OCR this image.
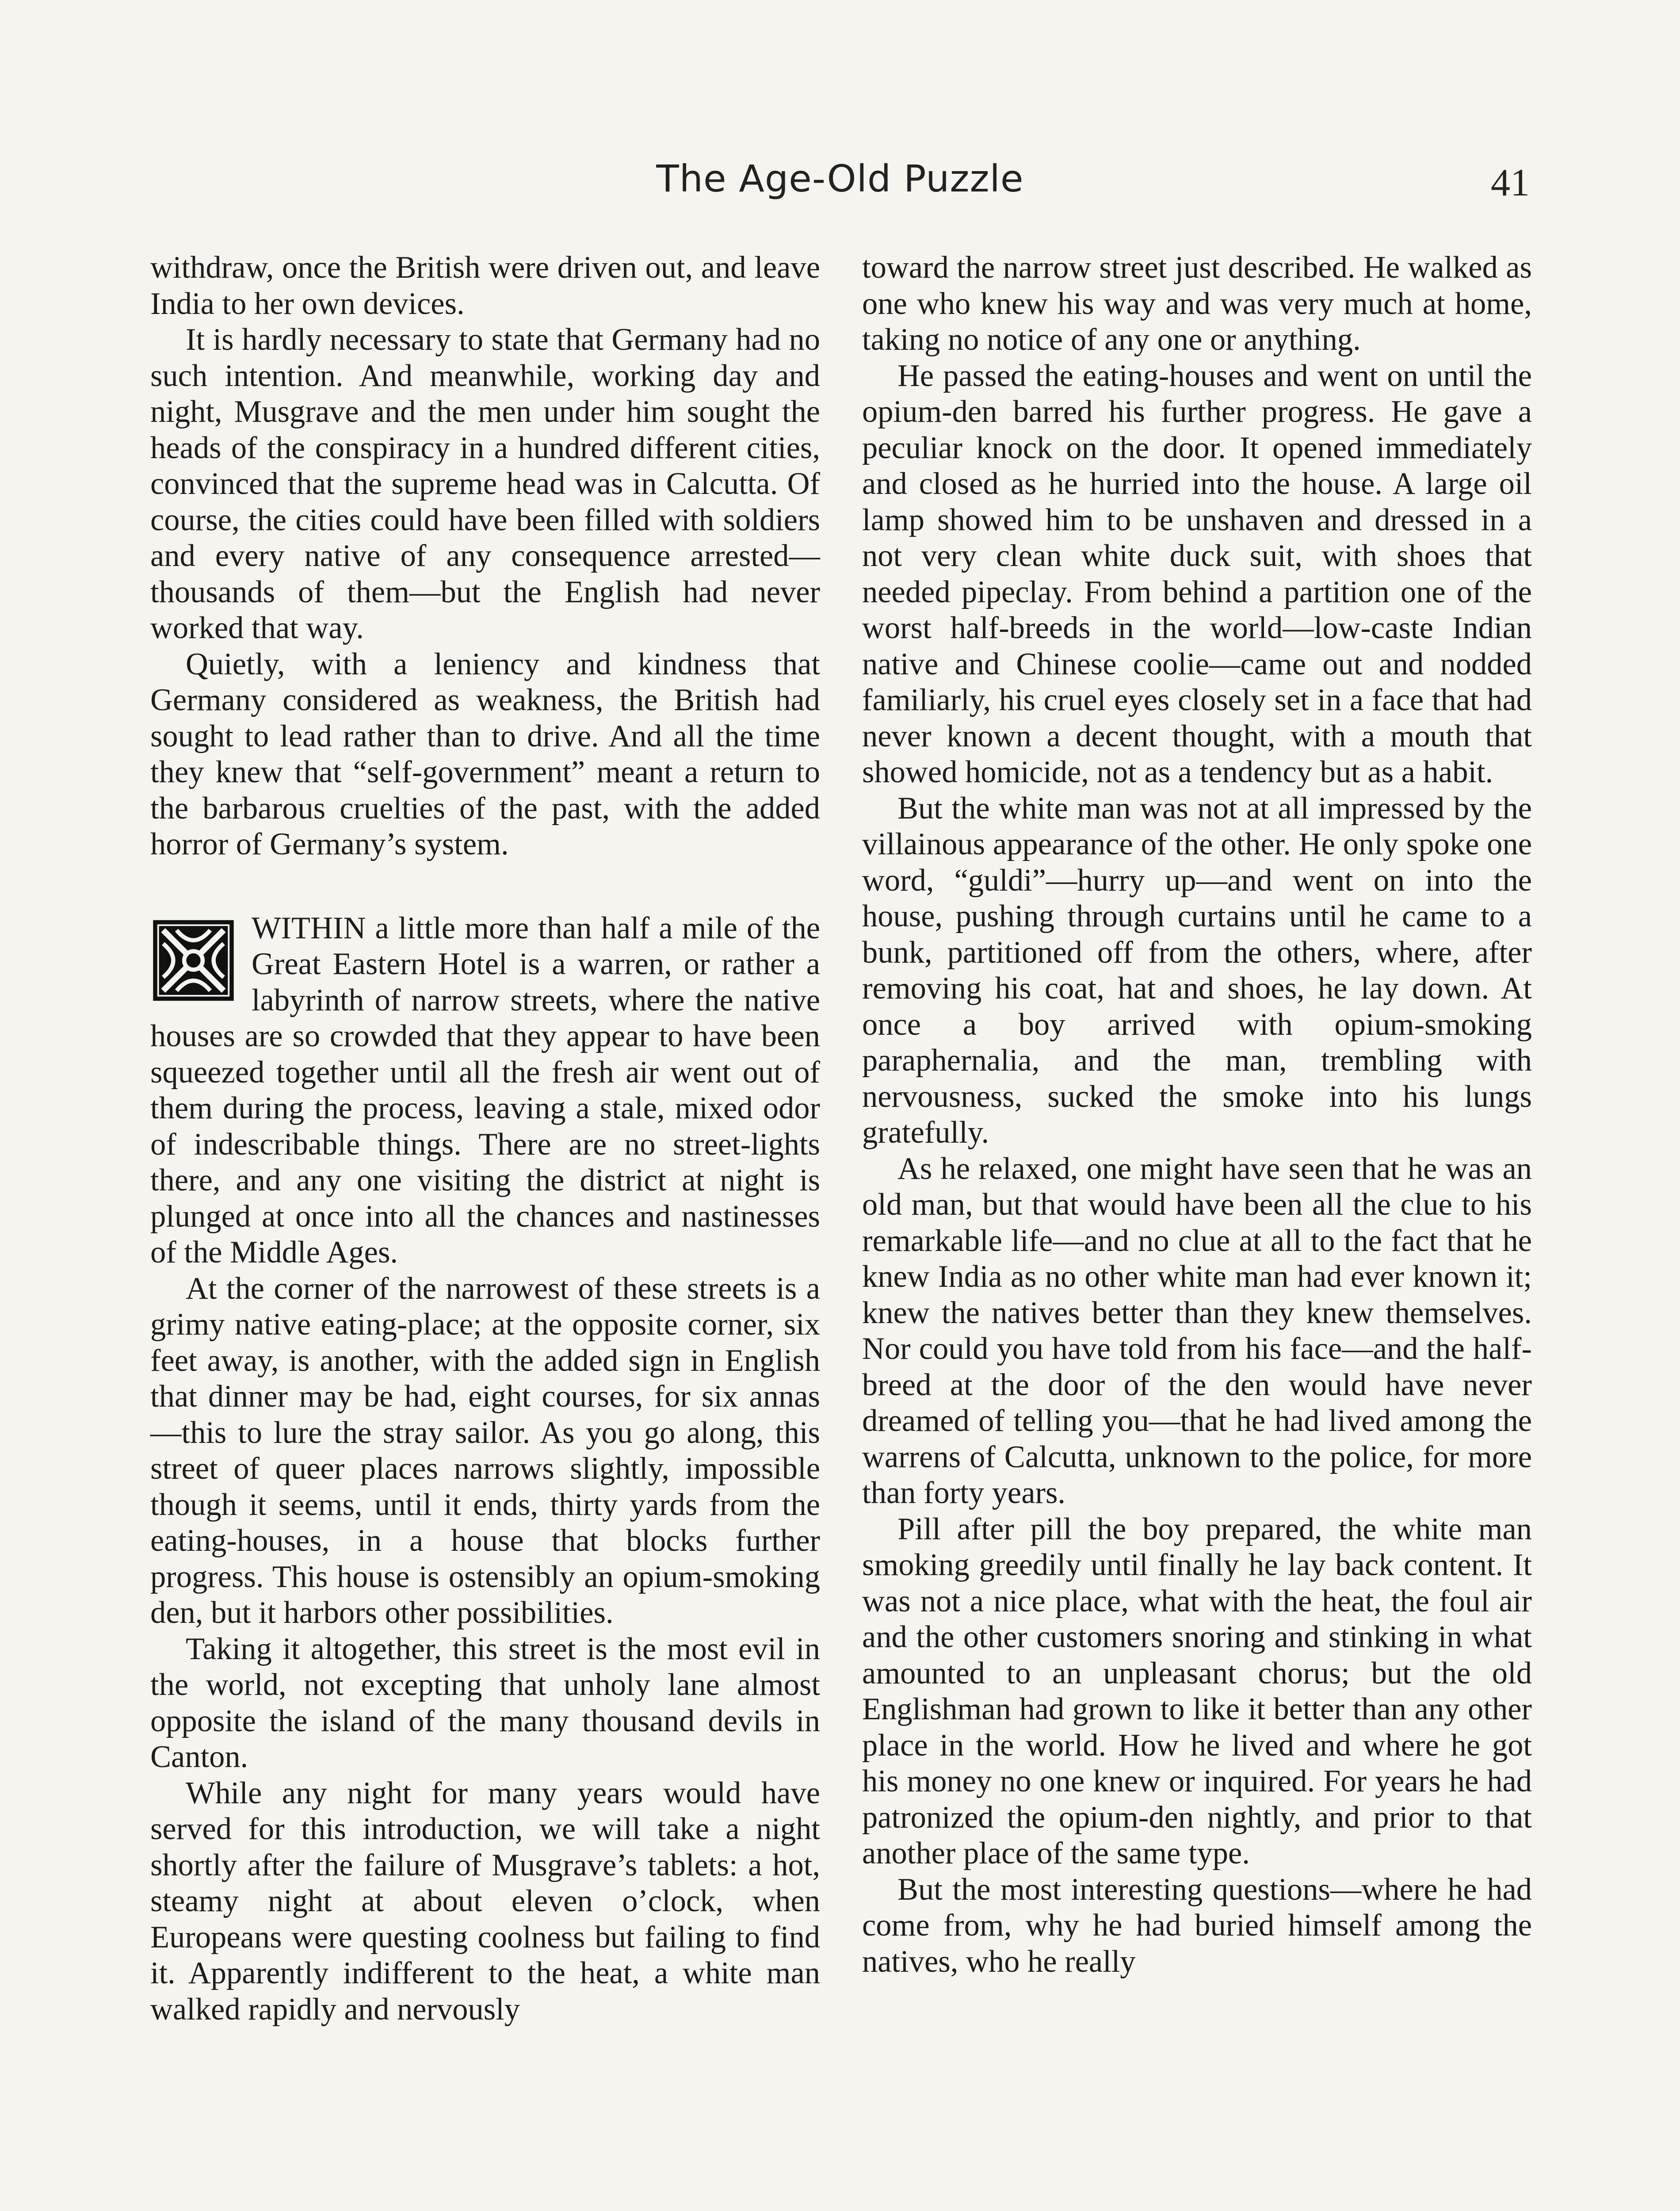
The Age-Old Puzzle	41

withdraw, once the British were driven out, and leave India to her own devices.

It is hardly necessary to state that Germany had no such intention. And meanwhile, working day and night, Musgrave and the men under him sought the heads of the conspiracy in a hundred different cities, convinced that the supreme head was in Calcutta. Of course, the cities could have been filled with soldiers and every native of any consequence arrested—thousands of them—but the English had never worked that way.

Quietly, with a leniency and kindness that Germany considered as weakness, the British had sought to lead rather than to drive. And all the time they knew that “self-government” meant a return to the barbarous cruelties of the past, with the added horror of Germany’s system.

WITHIN a little more than half a mile of the Great Eastern Hotel is a warren, or rather a labyrinth of narrow streets, where the native houses are so crowded that they appear to have been squeezed together until all the fresh air went out of them during the process, leaving a stale, mixed odor of indescribable things. There are no street-lights there, and any one visiting the district at night is plunged at once into all the chances and nastinesses of the Middle Ages.

At the corner of the narrowest of these streets is a grimy native eating-place; at the opposite corner, six feet away, is another, with the added sign in English that dinner may be had, eight courses, for six annas—this to lure the stray sailor. As you go along, this street of queer places narrows slightly, impossible though it seems, until it ends, thirty yards from the eating-houses, in a house that blocks further progress. This house is ostensibly an opium-smoking den, but it harbors other possibilities.

Taking it altogether, this street is the most evil in the world, not excepting that unholy lane almost opposite the island of the many thousand devils in Canton.

While any night for many years would have served for this introduction, we will take a night shortly after the failure of Musgrave’s tablets: a hot, steamy night at about eleven o’clock, when Europeans were questing coolness but failing to find it. Apparently indifferent to the heat, a white man walked rapidly and nervously

toward the narrow street just described. He walked as one who knew his way and was very much at home, taking no notice of any one or anything.

He passed the eating-houses and went on until the opium-den barred his further progress. He gave a peculiar knock on the door. It opened immediately and closed as he hurried into the house. A large oil lamp showed him to be unshaven and dressed in a not very clean white duck suit, with shoes that needed pipeclay. From behind a partition one of the worst half-breeds in the world—low-caste Indian native and Chinese coolie—came out and nodded familiarly, his cruel eyes closely set in a face that had never known a decent thought, with a mouth that showed homicide, not as a tendency but as a habit.

But the white man was not at all impressed by the villainous appearance of the other. He only spoke one word, “guldi”—hurry up—and went on into the house, pushing through curtains until he came to a bunk, partitioned off from the others, where, after removing his coat, hat and shoes, he lay down. At once a boy arrived with opium-smoking paraphernalia, and the man, trembling with nervousness, sucked the smoke into his lungs gratefully.

As he relaxed, one might have seen that he was an old man, but that would have been all the clue to his remarkable life—and no clue at all to the fact that he knew India as no other white man had ever known it; knew the natives better than they knew themselves. Nor could you have told from his face—and the half-breed at the door of the den would have never dreamed of telling you—that he had lived among the warrens of Calcutta, unknown to the police, for more than forty years.

Pill after pill the boy prepared, the white man smoking greedily until finally he lay back content. It was not a nice place, what with the heat, the foul air and the other customers snoring and stinking in what amounted to an unpleasant chorus; but the old Englishman had grown to like it better than any other place in the world. How he lived and where he got his money no one knew or inquired. For years he had patronized the opium-den nightly, and prior to that another place of the same type.

But the most interesting questions—where he had come from, why he had buried himself among the natives, who he really
